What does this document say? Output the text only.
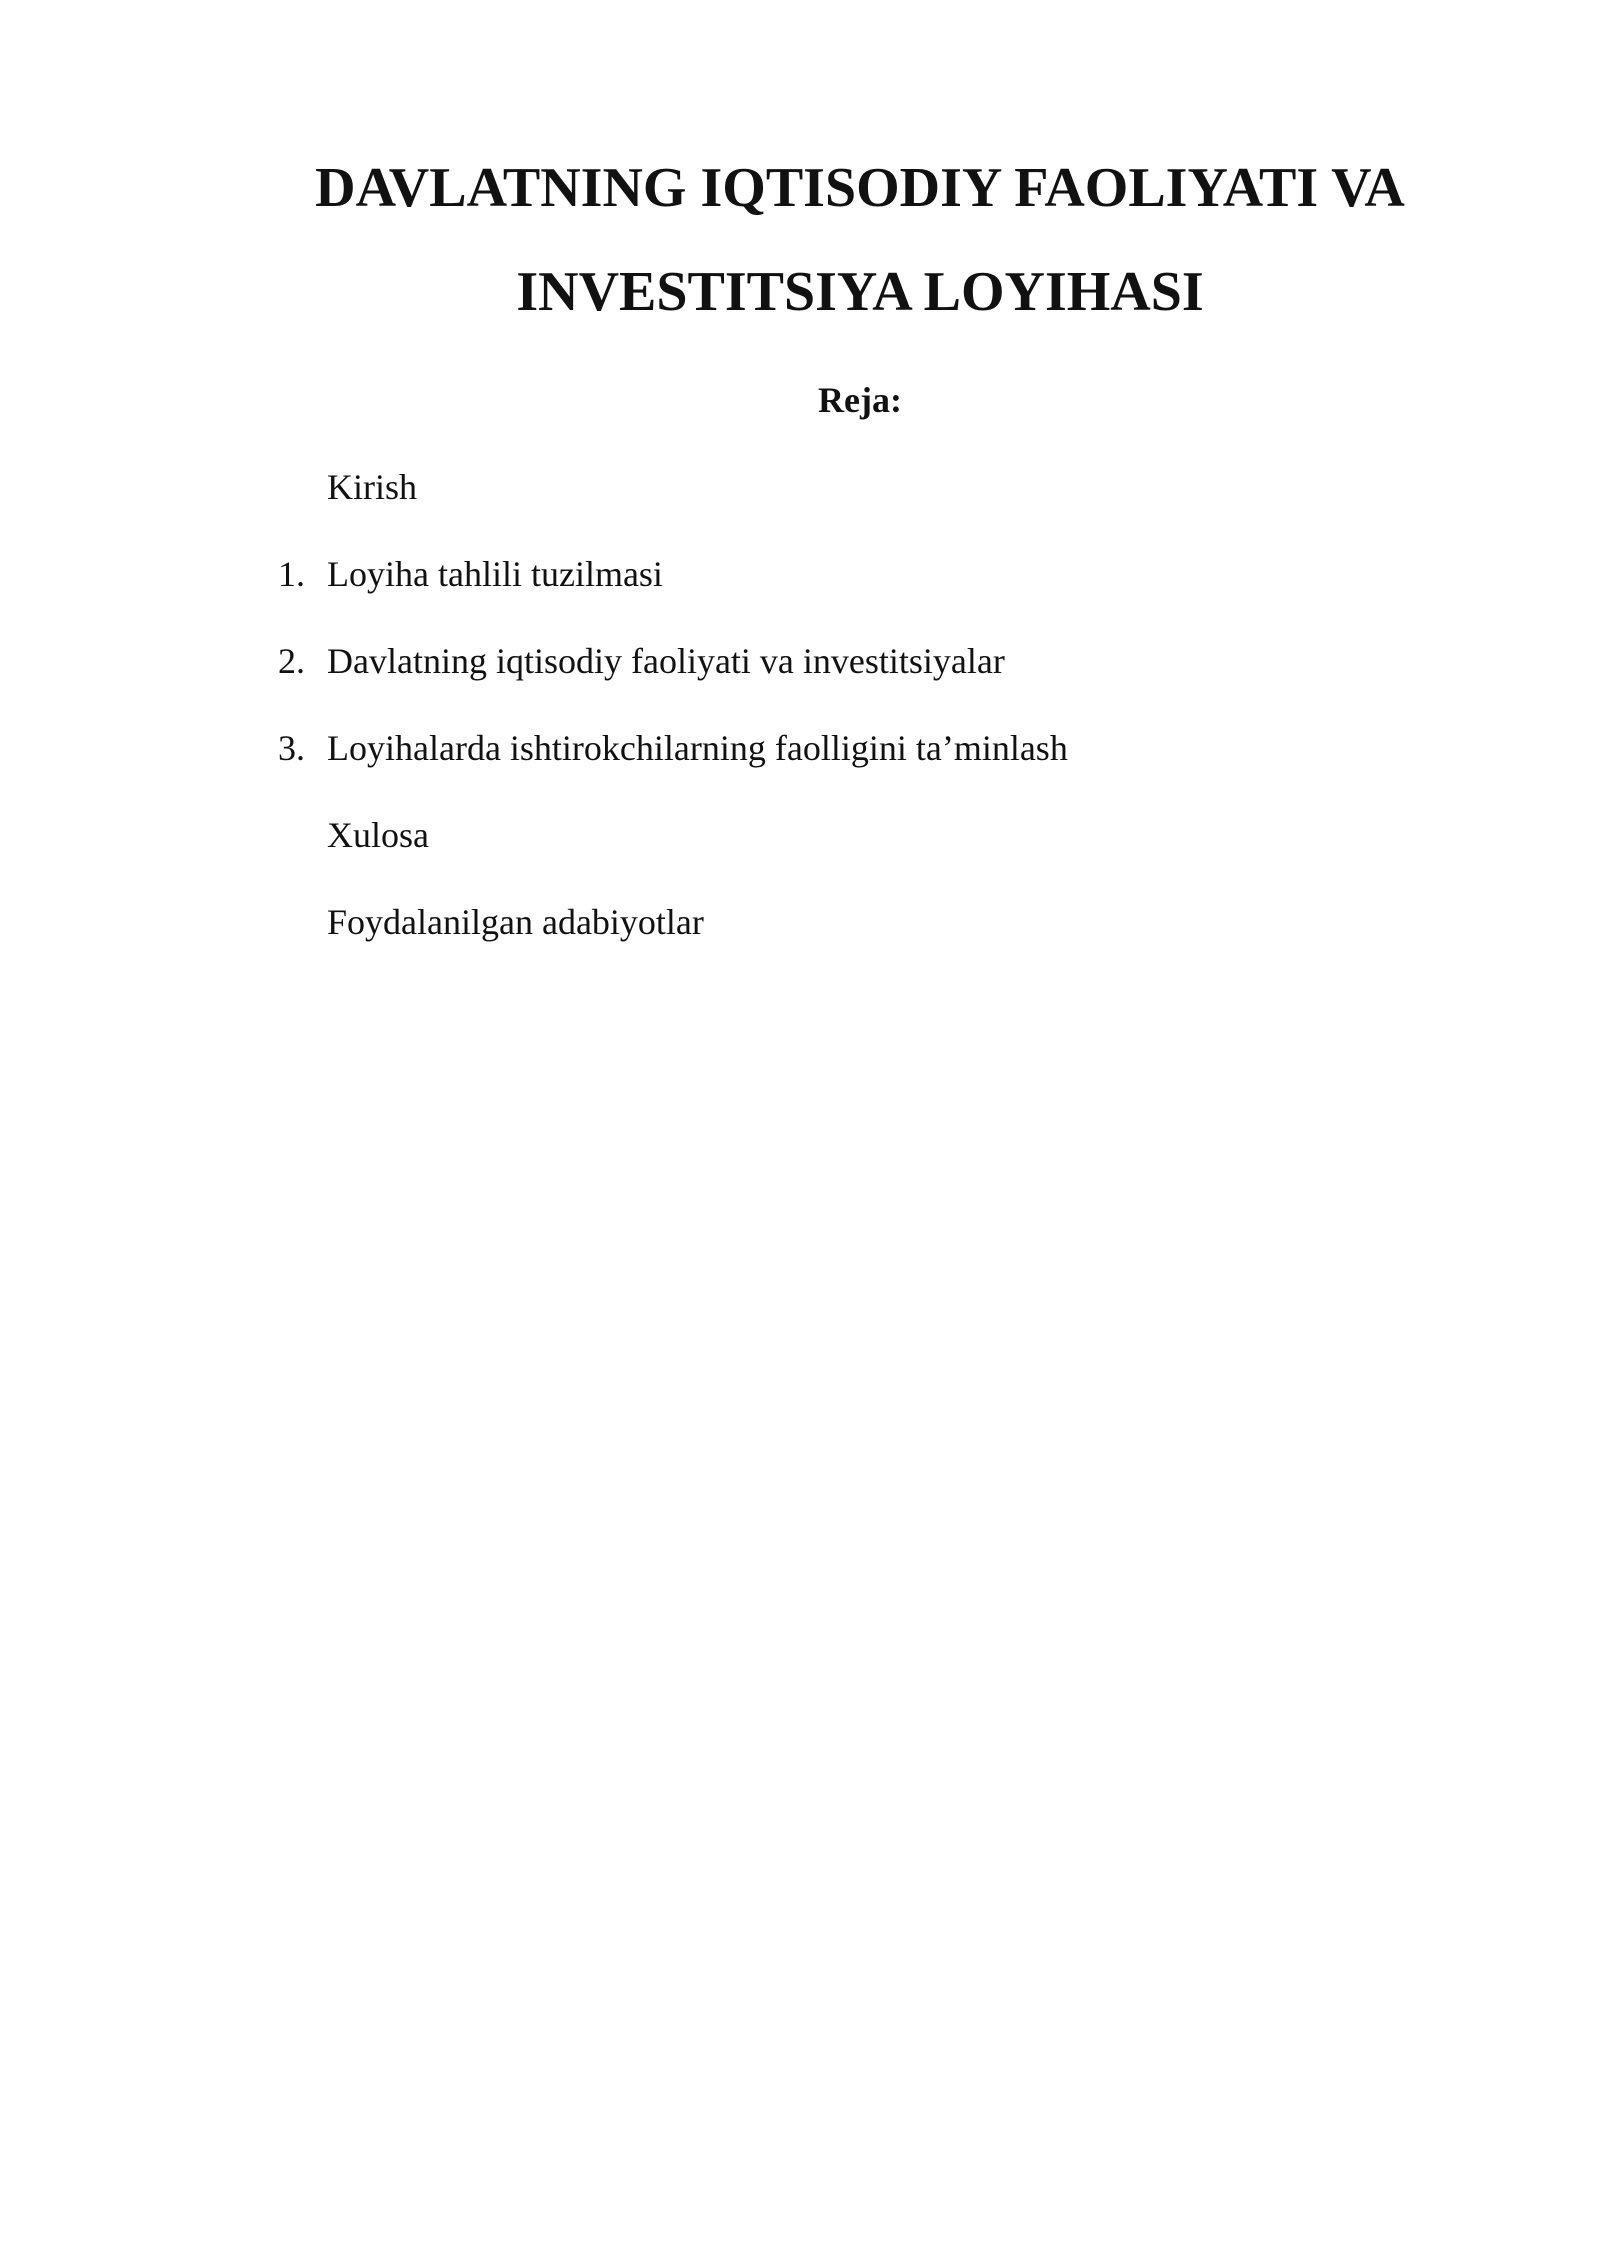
DAVLATNING IQTISODIY FAOLIYATI VA
INVESTITSIYA LOYIHASI
Reja:
Kirish
1. Loyiha tahlili tuzilmasi
2. Davlatning iqtisodiy faoliyati va investitsiyalar
3. Loyihalarda ishtirokchilarning faolligini ta’minlash
Xulosa
Foydalanilgan adabiyotlar
